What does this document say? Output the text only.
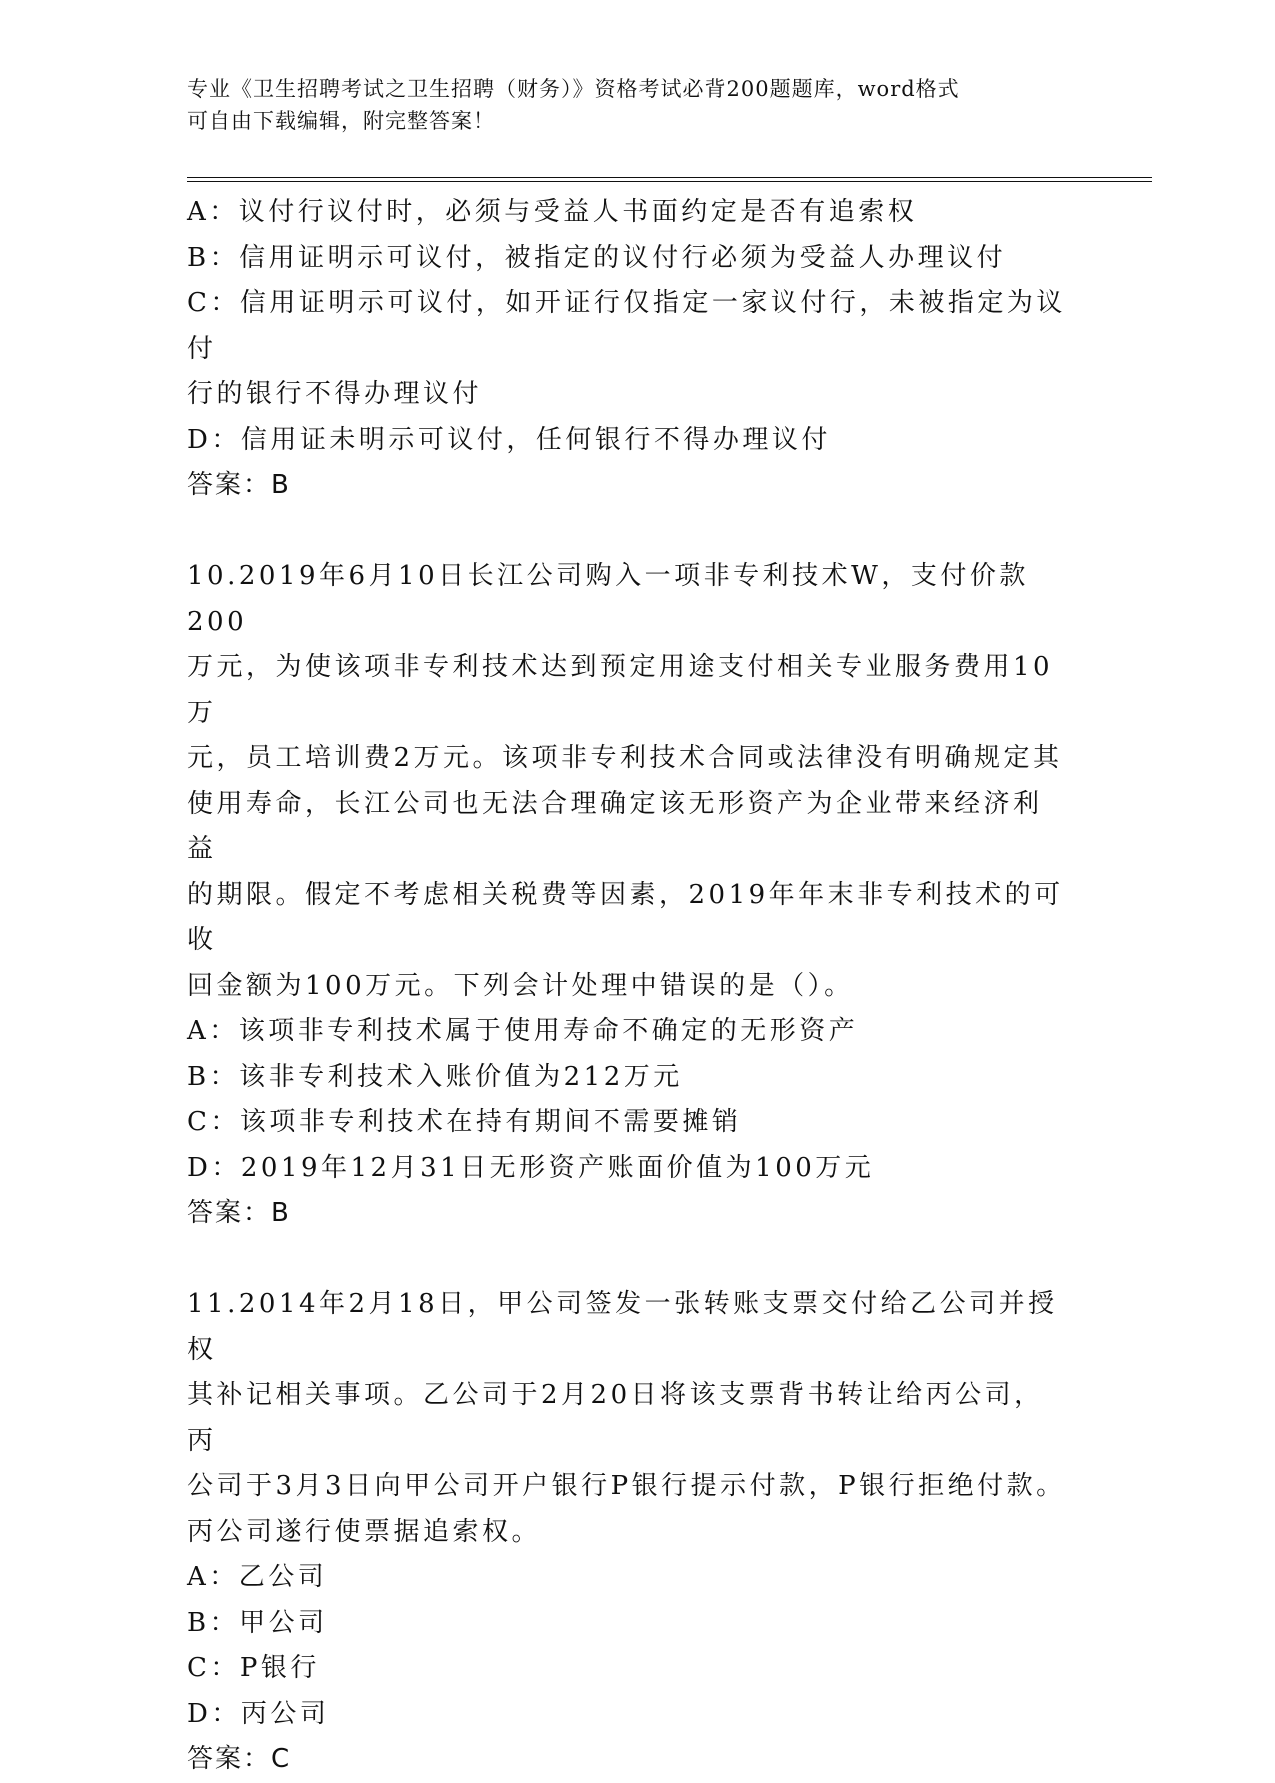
专业《卫生招聘考试之卫生招聘（财务）》资格考试必背200题题库，word格式
可自由下载编辑，附完整答案！
A：议付行议付时，必须与受益人书面约定是否有追索权
B：信用证明示可议付，被指定的议付行必须为受益人办理议付
C：信用证明示可议付，如开证行仅指定一家议付行，未被指定为议付
行的银行不得办理议付
D：信用证未明示可议付，任何银行不得办理议付
答案：B
10.2019年6月10日长江公司购入一项非专利技术W，支付价款200
万元，为使该项非专利技术达到预定用途支付相关专业服务费用10万
元，员工培训费2万元。该项非专利技术合同或法律没有明确规定其
使用寿命，长江公司也无法合理确定该无形资产为企业带来经济利益
的期限。假定不考虑相关税费等因素，2019年年末非专利技术的可收
回金额为100万元。下列会计处理中错误的是（）。
A：该项非专利技术属于使用寿命不确定的无形资产
B：该非专利技术入账价值为212万元
C：该项非专利技术在持有期间不需要摊销
D：2019年12月31日无形资产账面价值为100万元
答案：B
11.2014年2月18日，甲公司签发一张转账支票交付给乙公司并授权
其补记相关事项。乙公司于2月20日将该支票背书转让给丙公司，丙
公司于3月3日向甲公司开户银行P银行提示付款，P银行拒绝付款。
丙公司遂行使票据追索权。
A：乙公司
B：甲公司
C：P银行
D：丙公司
答案：C
